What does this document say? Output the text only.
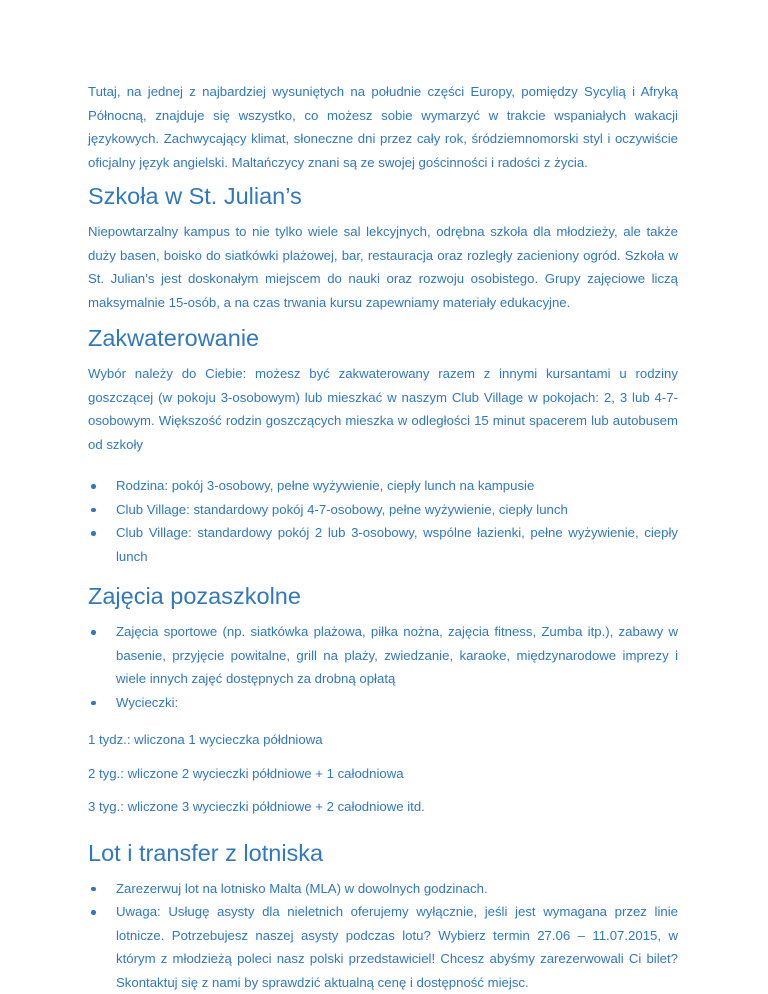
Tutaj, na jednej z najbardziej wysuniętych na południe części Europy, pomiędzy Sycylią i Afryką Północną, znajduje się wszystko, co możesz sobie wymarzyć w trakcie wspaniałych wakacji językowych. Zachwycający klimat, słoneczne dni przez cały rok, śródziemnomorski styl i oczywiście oficjalny język angielski. Maltańczycy znani są ze swojej gościnności i radości z życia.

Szkoła w St. Julian’s

Niepowtarzalny kampus to nie tylko wiele sal lekcyjnych, odrębna szkoła dla młodzieży, ale także duży basen, boisko do siatkówki plażowej, bar, restauracja oraz rozległy zacieniony ogród. Szkoła w St. Julian’s jest doskonałym miejscem do nauki oraz rozwoju osobistego. Grupy zajęciowe liczą maksymalnie 15-osób, a na czas trwania kursu zapewniamy materiały edukacyjne.

Zakwaterowanie

Wybór należy do Ciebie: możesz być zakwaterowany razem z innymi kursantami u rodziny goszczącej (w pokoju 3-osobowym) lub mieszkać w naszym Club Village w pokojach: 2, 3 lub 4-7-osobowym. Większość rodzin goszczących mieszka w odległości 15 minut spacerem lub autobusem od szkoły

Rodzina: pokój 3-osobowy, pełne wyżywienie, ciepły lunch na kampusie
Club Village: standardowy pokój 4-7-osobowy, pełne wyżywienie, ciepły lunch
Club Village: standardowy pokój 2 lub 3-osobowy, wspólne łazienki, pełne wyżywienie, ciepły lunch
Zajęcia pozaszkolne
Zajęcia sportowe (np. siatkówka plażowa, piłka nożna, zajęcia fitness, Zumba itp.), zabawy w basenie, przyjęcie powitalne, grill na plaży, zwiedzanie, karaoke, międzynarodowe imprezy i wiele innych zajęć dostępnych za drobną opłatą
Wycieczki:

1 tydz.: wliczona 1 wycieczka półdniowa

2 tyg.: wliczone 2 wycieczki półdniowe + 1 całodniowa

3 tyg.: wliczone 3 wycieczki półdniowe + 2 całodniowe itd.

Lot i transfer z lotniska
Zarezerwuj lot na lotnisko Malta (MLA) w dowolnych godzinach.
Uwaga: Usługę asysty dla nieletnich oferujemy wyłącznie, jeśli jest wymagana przez linie lotnicze. Potrzebujesz naszej asysty podczas lotu? Wybierz termin 27.06 – 11.07.2015, w którym z młodzieżą poleci nasz polski przedstawiciel! Chcesz abyśmy zarezerwowali Ci bilet? Skontaktuj się z nami by sprawdzić aktualną cenę i dostępność miejsc.
